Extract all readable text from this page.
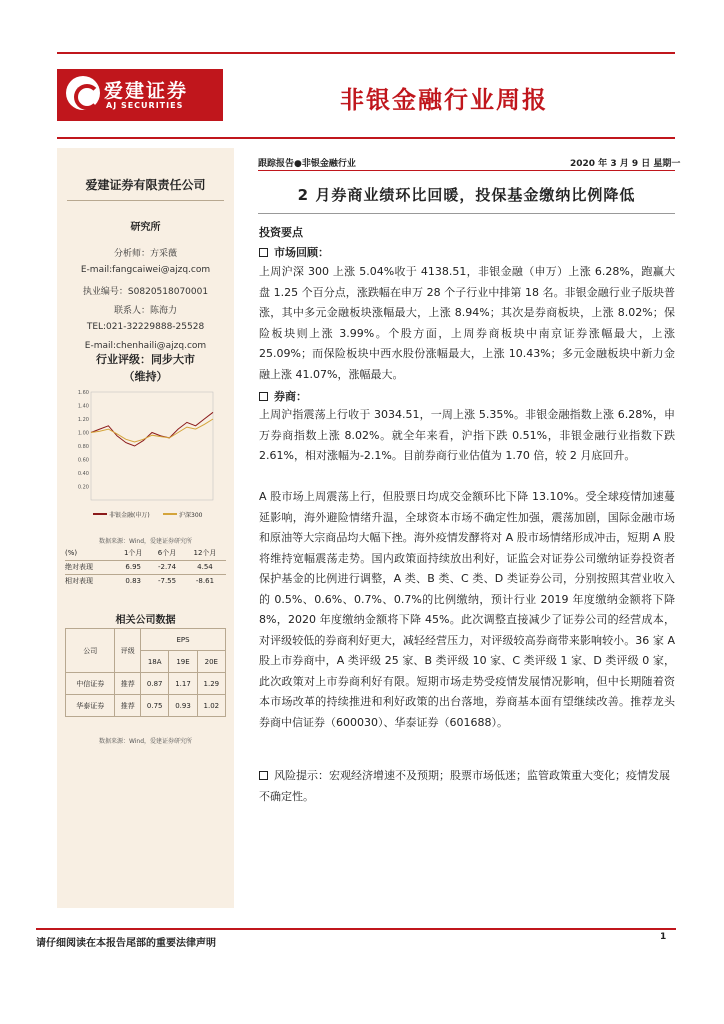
爱建证券
AJ SECURITIES	非银金融行业周报
爱建证券有限责任公司
研究所
分析师：方采薇
E-mail:fangcaiwei@ajzq.com
执业编号：S0820518070001
联系人：陈海力
TEL:021-32229888-25528
E-mail:chenhaili@ajzq.com
行业评级：同步大市
（维持）
0.20
0.40
0.60
0.80
1.00
1.20
1.40
1.60
非银金融(申万)	沪深300
数据来源：Wind，爱建证券研究所
(%)	1个月	6个月	12个月
绝对表现	6.95	-2.74	4.54
相对表现	0.83	-7.55	-8.61
相关公司数据
公司	评级	EPS		
		18A	19E	20E
中信证券	推荐	0.87	1.17	1.29
华泰证券	推荐	0.75	0.93	1.02
数据来源：Wind，爱建证券研究所
跟踪报告●非银金融行业	2020 年 3 月 9 日 星期一
2 月券商业绩环比回暖，投保基金缴纳比例降低
投资要点
市场回顾：
上周沪深 300 上涨 5.04%收于 4138.51，非银金融（申万）上涨 6.28%，跑赢大盘 1.25 个百分点，涨跌幅在申万 28 个子行业中排第 18 名。非银金融行业子版块普涨，其中多元金融板块涨幅最大，上涨 8.94%；其次是券商板块，上涨 8.02%；保险板块则上涨 3.99%。个股方面，上周券商板块中南京证券涨幅最大，上涨 25.09%；而保险板块中西水股份涨幅最大，上涨 10.43%；多元金融板块中新力金融上涨 41.07%，涨幅最大。
券商：
上周沪指震荡上行收于 3034.51，一周上涨 5.35%。非银金融指数上涨 6.28%，申万券商指数上涨 8.02%。就全年来看，沪指下跌 0.51%，非银金融行业指数下跌 2.61%，相对涨幅为-2.1%。目前券商行业估值为 1.70 倍，较 2 月底回升。
A 股市场上周震荡上行，但股票日均成交金额环比下降 13.10%。受全球疫情加速蔓延影响，海外避险情绪升温，全球资本市场不确定性加强，震荡加剧，国际金融市场和原油等大宗商品均大幅下挫。海外疫情发酵将对 A 股市场情绪形成冲击，短期 A 股将维持宽幅震荡走势。国内政策面持续放出利好，证监会对证券公司缴纳证券投资者保护基金的比例进行调整，A 类、B 类、C 类、D 类证券公司，分别按照其营业收入的 0.5%、0.6%、0.7%、0.7%的比例缴纳，预计行业 2019 年度缴纳金额将下降 8%，2020 年度缴纳金额将下降 45%。此次调整直接减少了证券公司的经营成本，对评级较低的券商利好更大，减轻经营压力，对评级较高券商带来影响较小。36 家 A 股上市券商中，A 类评级 25 家、B 类评级 10 家、C 类评级 1 家、D 类评级 0 家，此次政策对上市券商利好有限。短期市场走势受疫情发展情况影响，但中长期随着资本市场改革的持续推进和利好政策的出台落地，券商基本面有望继续改善。推荐龙头券商中信证券（600030）、华泰证券（601688）。
风险提示：宏观经济增速不及预期；股票市场低迷；监管政策重大变化；疫情发展不确定性。
请仔细阅读在本报告尾部的重要法律声明
1
